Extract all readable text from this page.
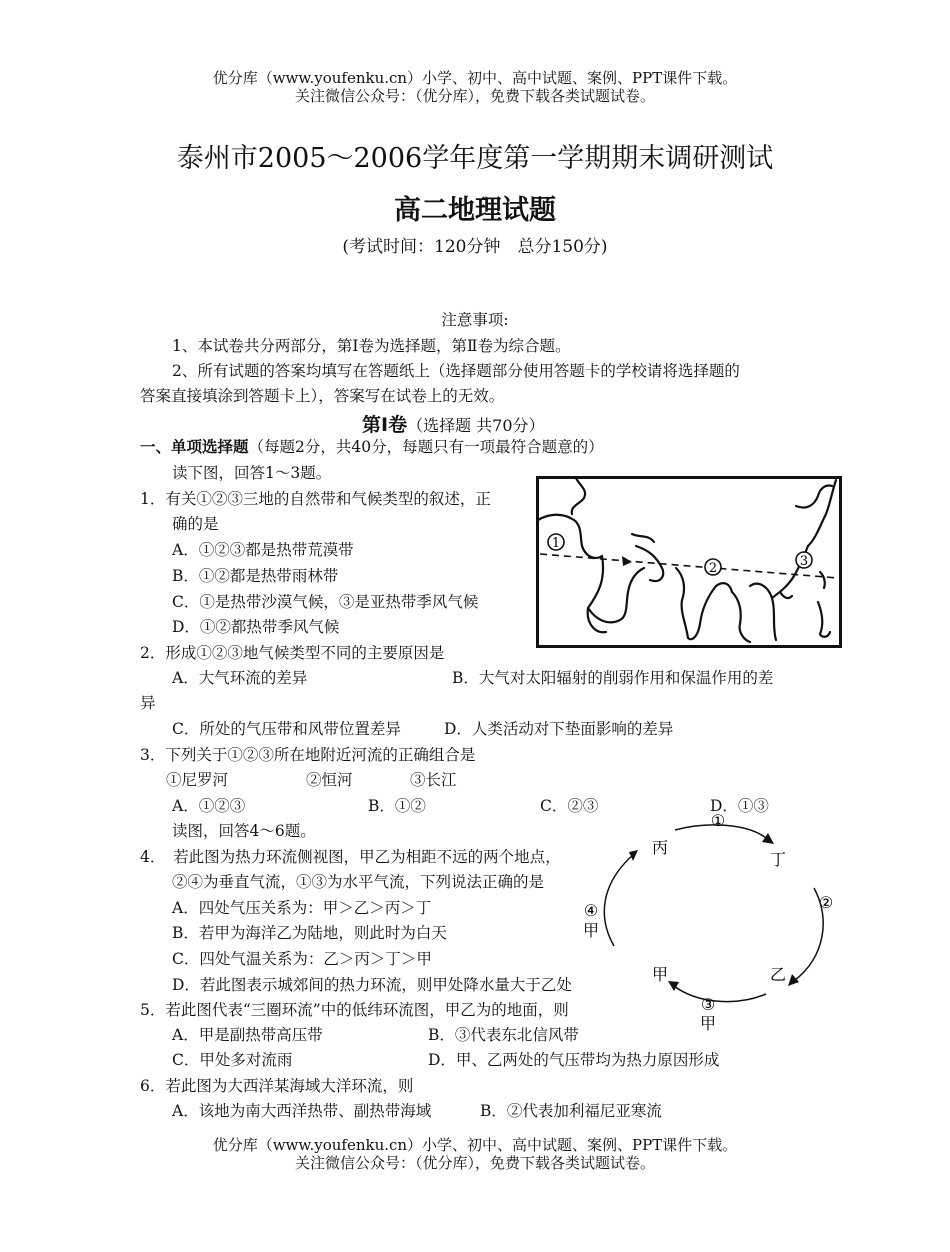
优分库（www.youfenku.cn）小学、初中、高中试题、案例、PPT课件下载。
关注微信公众号：（优分库），免费下载各类试题试卷。
泰州市2005～2006学年度第一学期期末调研测试
高二地理试题
(考试时间：120分钟　总分150分)
注意事项:
1、本试卷共分两部分，第Ⅰ卷为选择题，第Ⅱ卷为综合题。
2、所有试题的答案均填写在答题纸上（选择题部分使用答题卡的学校请将选择题的
答案直接填涂到答题卡上），答案写在试卷上的无效。
第Ⅰ卷（选择题 共70分）
一、单项选择题（每题2分，共40分，每题只有一项最符合题意的）
读下图，回答1～3题。
1．有关①②③三地的自然带和气候类型的叙述，正
确的是
A．①②③都是热带荒漠带
B．①②都是热带雨林带
C．①是热带沙漠气候，③是亚热带季风气候
D．①②都热带季风气候
1
2	3
2．形成①②③地气候类型不同的主要原因是
A．大气环流的差异	B．大气对太阳辐射的削弱作用和保温作用的差
异
C．所处的气压带和风带位置差异	D．人类活动对下垫面影响的差异
3．下列关于①②③所在地附近河流的正确组合是
①尼罗河	②恒河	③长江
A．①②③	B．①②	C．②③	D．①③
读图，回答4～6题。
①
丙
丁
②
④
甲
甲	乙
③
甲
4．　若此图为热力环流侧视图，甲乙为相距不远的两个地点，
②④为垂直气流，①③为水平气流，下列说法正确的是
A．四处气压关系为：甲＞乙＞丙＞丁
B．若甲为海洋乙为陆地，则此时为白天
C．四处气温关系为：乙＞丙＞丁＞甲
D．若此图表示城郊间的热力环流，则甲处降水量大于乙处
5．若此图代表“三圈环流”中的低纬环流图，甲乙为的地面，则
A．甲是副热带高压带	B．③代表东北信风带
C．甲处多对流雨	D．甲、乙两处的气压带均为热力原因形成
6．若此图为大西洋某海域大洋环流，则
A．该地为南大西洋热带、副热带海域	B．②代表加利福尼亚寒流
优分库（www.youfenku.cn）小学、初中、高中试题、案例、PPT课件下载。
关注微信公众号：（优分库），免费下载各类试题试卷。
